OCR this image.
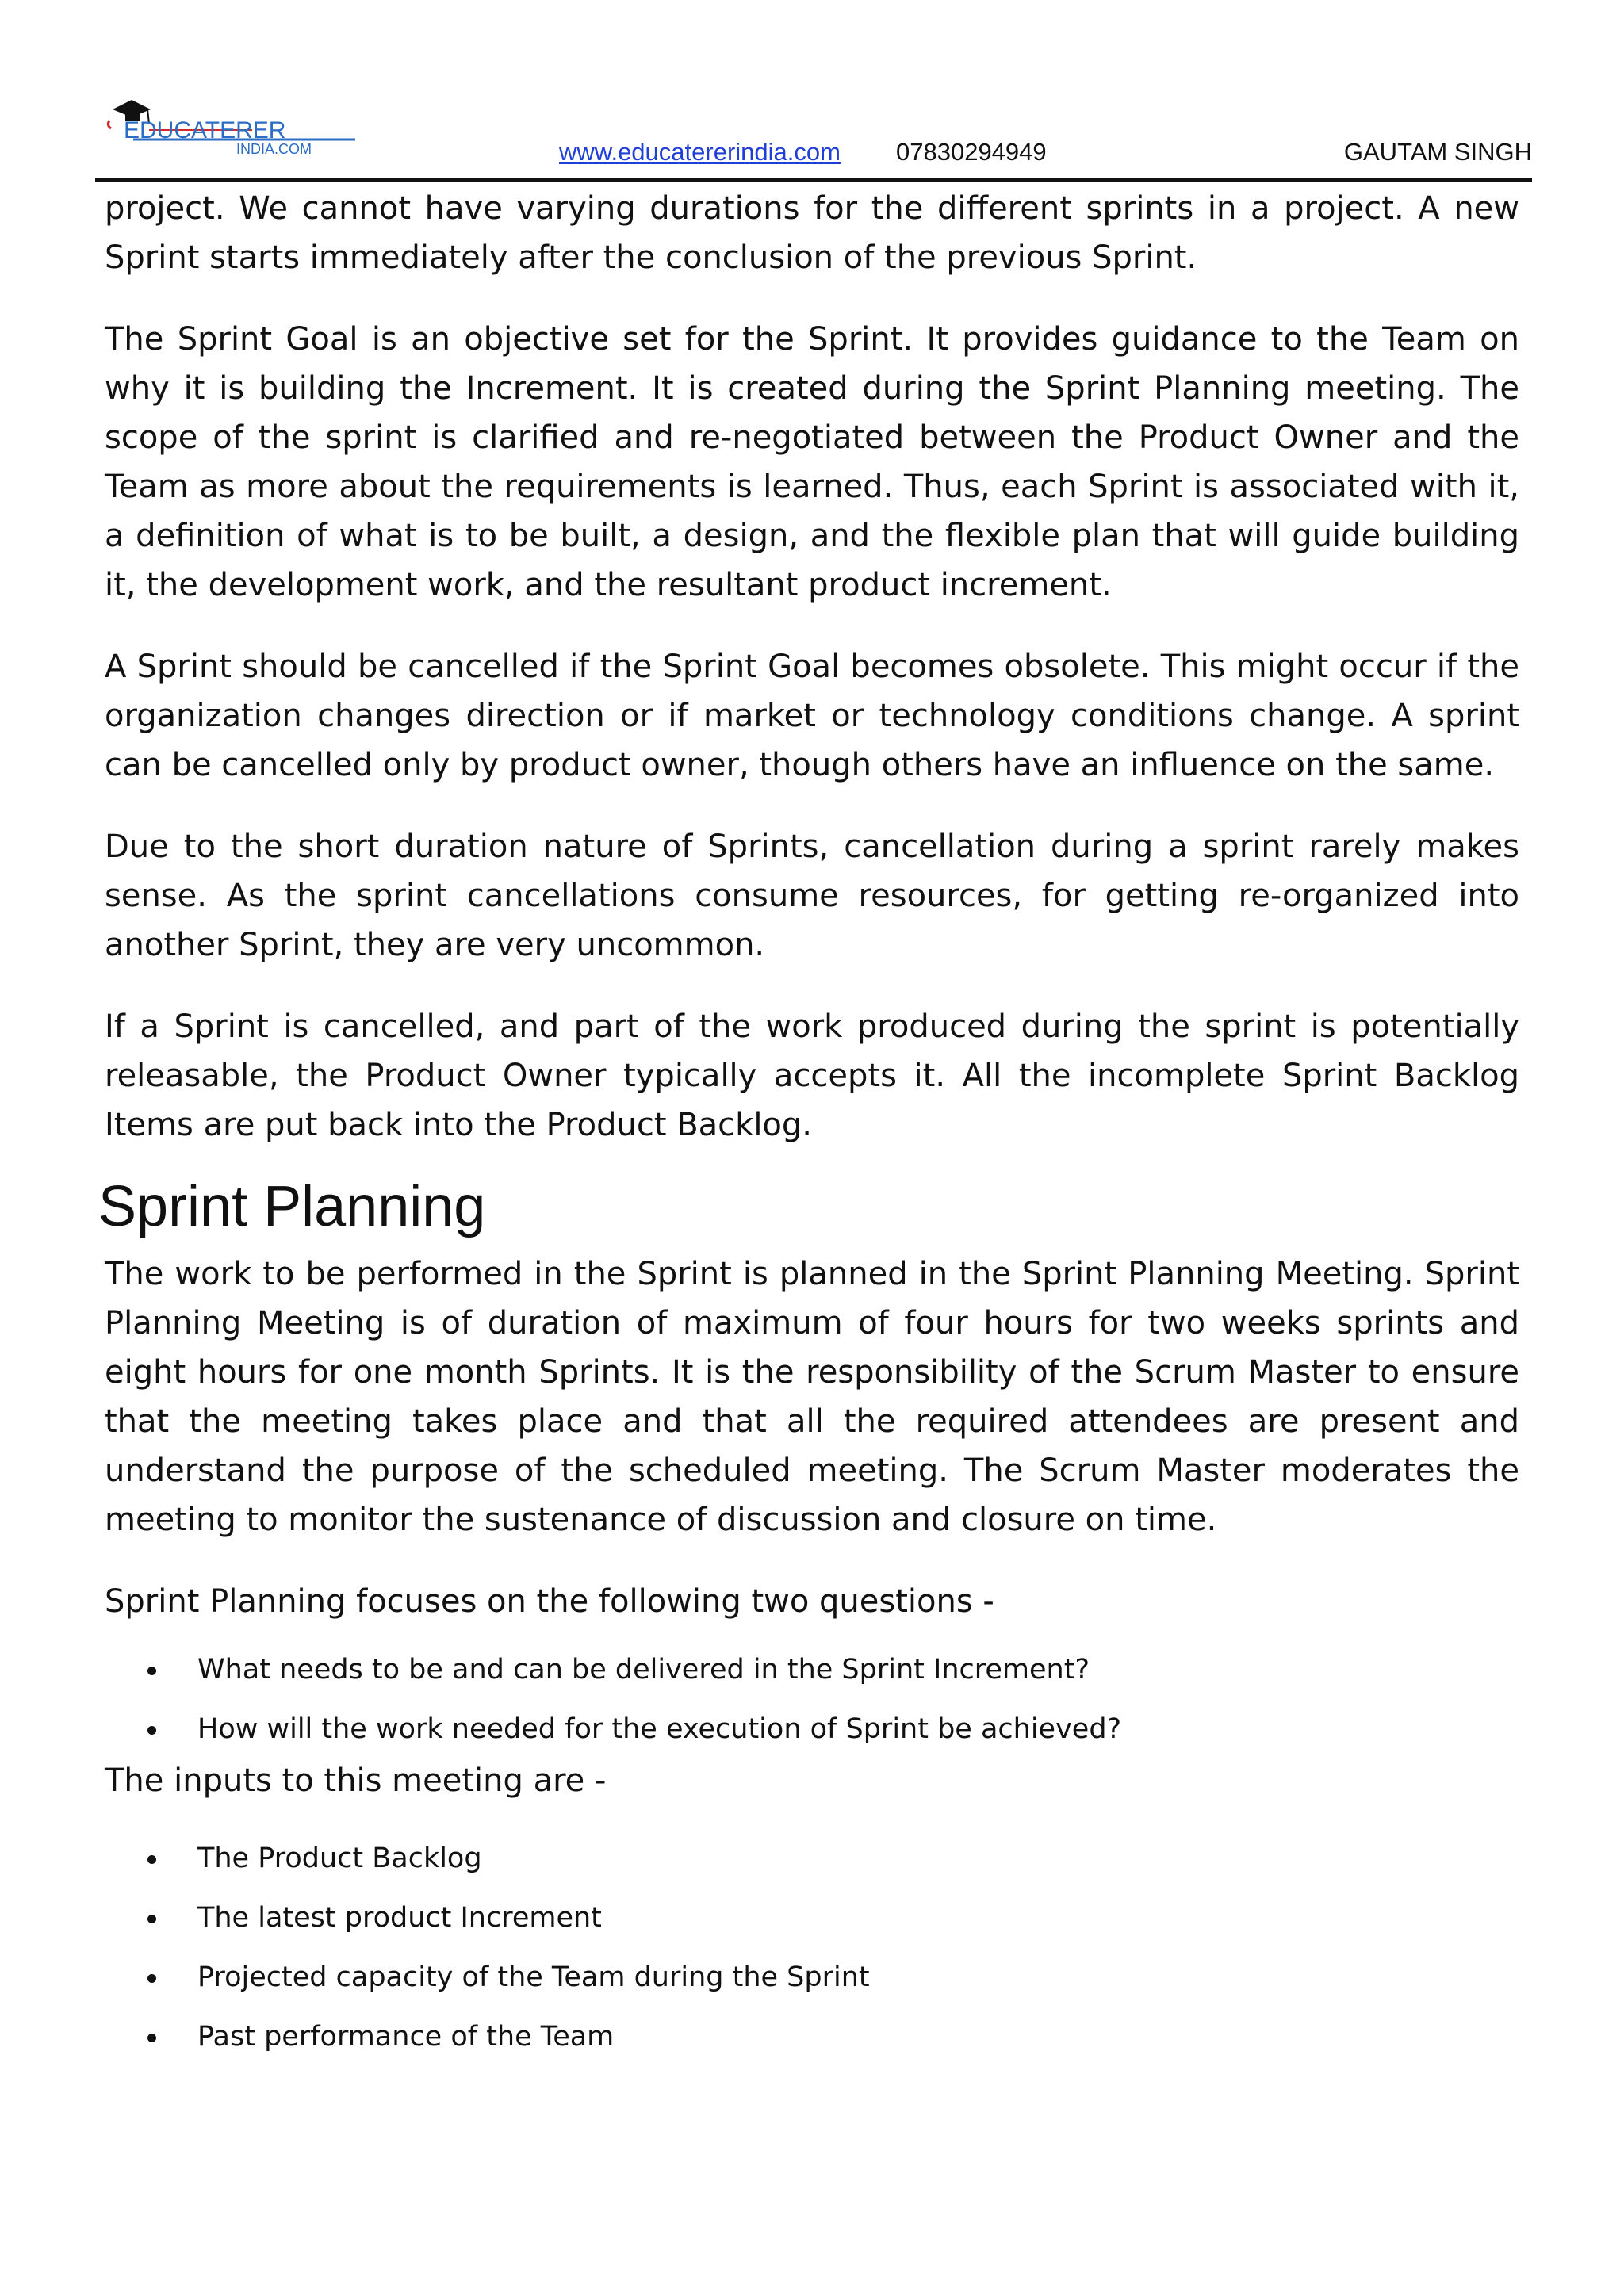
EDUCATERER
INDIA.COM	www.educatererindia.com 07830294949	GAUTAM SINGH

project. We cannot have varying durations for the different sprints in a project. A new Sprint starts immediately after the conclusion of the previous Sprint.

The Sprint Goal is an objective set for the Sprint. It provides guidance to the Team on why it is building the Increment. It is created during the Sprint Planning meeting. The scope of the sprint is clarified and re-negotiated between the Product Owner and the Team as more about the requirements is learned. Thus, each Sprint is associated with it, a definition of what is to be built, a design, and the flexible plan that will guide building it, the development work, and the resultant product increment.

A Sprint should be cancelled if the Sprint Goal becomes obsolete. This might occur if the organization changes direction or if market or technology conditions change. A sprint can be cancelled only by product owner, though others have an influence on the same.

Due to the short duration nature of Sprints, cancellation during a sprint rarely makes sense. As the sprint cancellations consume resources, for getting re-organized into another Sprint, they are very uncommon.

If a Sprint is cancelled, and part of the work produced during the sprint is potentially releasable, the Product Owner typically accepts it. All the incomplete Sprint Backlog Items are put back into the Product Backlog.

Sprint Planning

The work to be performed in the Sprint is planned in the Sprint Planning Meeting. Sprint Planning Meeting is of duration of maximum of four hours for two weeks sprints and eight hours for one month Sprints. It is the responsibility of the Scrum Master to ensure that the meeting takes place and that all the required attendees are present and understand the purpose of the scheduled meeting. The Scrum Master moderates the meeting to monitor the sustenance of discussion and closure on time.

Sprint Planning focuses on the following two questions -

What needs to be and can be delivered in the Sprint Increment?
How will the work needed for the execution of Sprint be achieved?

The inputs to this meeting are -

The Product Backlog
The latest product Increment
Projected capacity of the Team during the Sprint
Past performance of the Team
